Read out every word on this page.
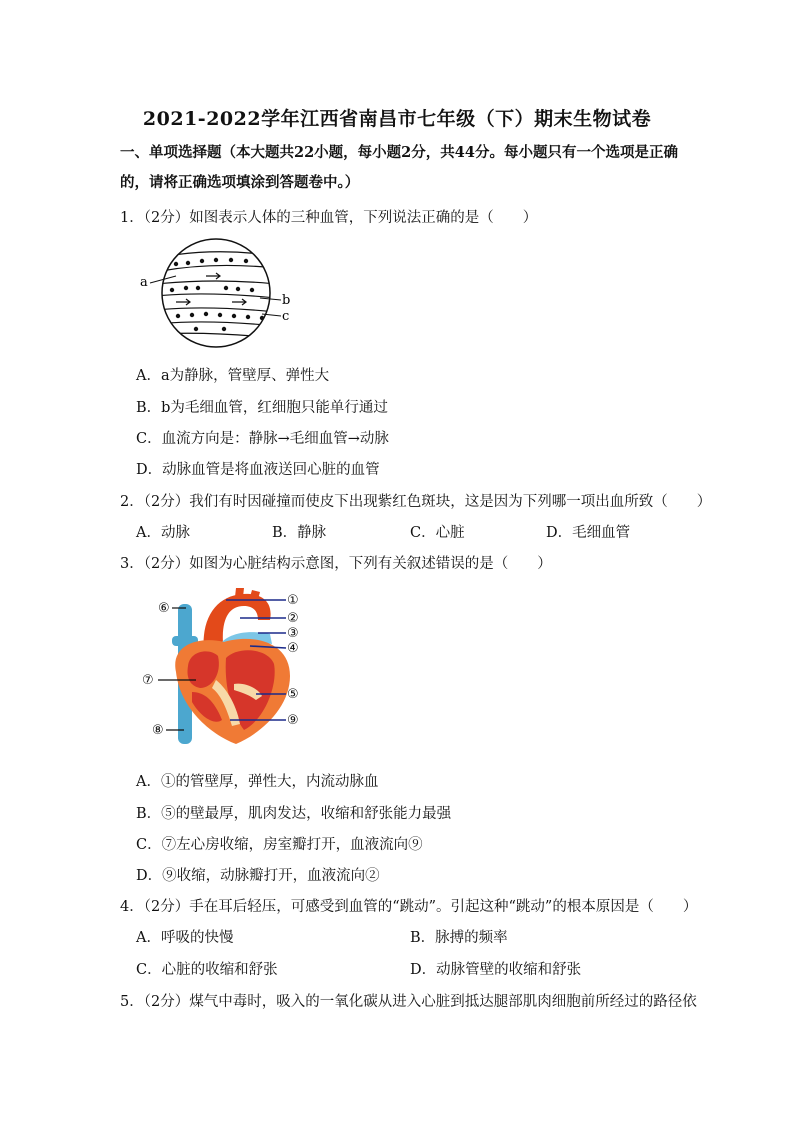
2021-2022学年江西省南昌市七年级（下）期末生物试卷
一、单项选择题（本大题共22小题，每小题2分，共44分。每小题只有一个选项是正确
的，请将正确选项填涂到答题卷中。）
1．（2分）如图表示人体的三种血管，下列说法正确的是（　　）
a
b
c
A．a为静脉，管壁厚、弹性大
B．b为毛细血管，红细胞只能单行通过
C．血流方向是：静脉→毛细血管→动脉
D．动脉血管是将血液送回心脏的血管
2．（2分）我们有时因碰撞而使皮下出现紫红色斑块，这是因为下列哪一项出血所致（　　）
A．动脉	B．静脉	C．心脏	D．毛细血管
3．（2分）如图为心脏结构示意图，下列有关叙述错误的是（　　）
①
②
③
④
⑤
⑨
⑥
⑦
⑧
A．①的管壁厚，弹性大，内流动脉血
B．⑤的壁最厚，肌肉发达，收缩和舒张能力最强
C．⑦左心房收缩，房室瓣打开，血液流向⑨
D．⑨收缩，动脉瓣打开，血液流向②
4．（2分）手在耳后轻压，可感受到血管的“跳动”。引起这种“跳动”的根本原因是（　　）
A．呼吸的快慢	B．脉搏的频率
C．心脏的收缩和舒张	D．动脉管壁的收缩和舒张
5．（2分）煤气中毒时，吸入的一氧化碳从进入心脏到抵达腿部肌肉细胞前所经过的路径依
